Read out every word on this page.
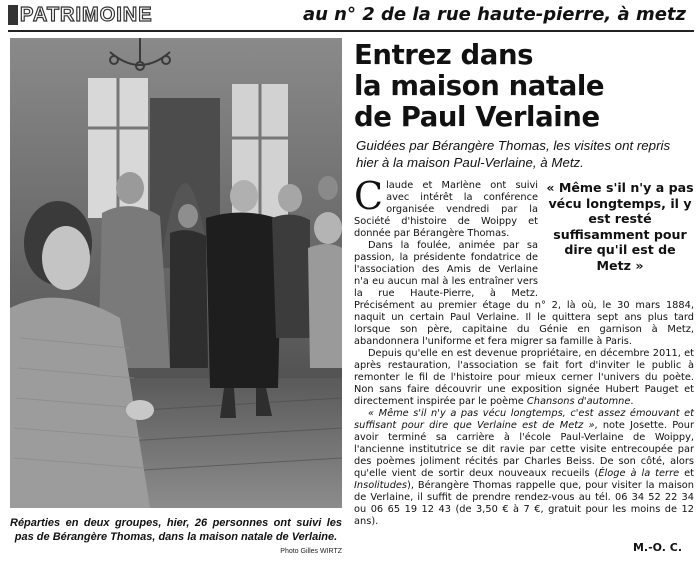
PATRIMOINE	au n° 2 de la rue haute-pierre, à metz
Réparties en deux groupes, hier, 26 personnes ont suivi les pas de Bérangère Thomas, dans la maison natale de Verlaine.
Photo Gilles WIRTZ
Entrez dans
la maison natale
de Paul Verlaine
Guidées par Bérangère Thomas, les visites ont repris hier à la maison Paul-Verlaine, à Metz.
« Même s'il n'y a pas vécu longtemps, il y est resté suffisamment pour dire qu'il est de Metz »

Claude et Marlène ont suivi avec intérêt la conférence organisée vendredi par la Société d'histoire de Woippy et donnée par Bérangère Thomas.

Dans la foulée, animée par sa passion, la présidente fondatrice de l'association des Amis de Verlaine n'a eu aucun mal à les entraîner vers la rue Haute-Pierre, à Metz. Précisément au premier étage du n° 2, là où, le 30 mars 1884, naquit un certain Paul Verlaine. Il le quittera sept ans plus tard lorsque son père, capitaine du Génie en garnison à Metz, abandonnera l'uniforme et fera migrer sa famille à Paris.

Depuis qu'elle en est devenue propriétaire, en décembre 2011, et après restauration, l'association se fait fort d'inviter le public à remonter le fil de l'histoire pour mieux cerner l'univers du poète. Non sans faire découvrir une exposition signée Hubert Pauget et directement inspirée par le poème Chansons d'automne.

« Même s'il n'y a pas vécu longtemps, c'est assez émouvant et suffisant pour dire que Verlaine est de Metz », note Josette. Pour avoir terminé sa carrière à l'école Paul-Verlaine de Woippy, l'ancienne institutrice se dit ravie par cette visite entrecoupée par des poèmes joliment récités par Charles Beiss. De son côté, alors qu'elle vient de sortir deux nouveaux recueils (Éloge à la terre et Insolitudes), Bérangère Thomas rappelle que, pour visiter la maison de Verlaine, il suffit de prendre rendez-vous au tél. 06 34 52 22 34 ou 06 65 19 12 43 (de 3,50 € à 7 €, gratuit pour les moins de 12 ans).

M.-O. C.
